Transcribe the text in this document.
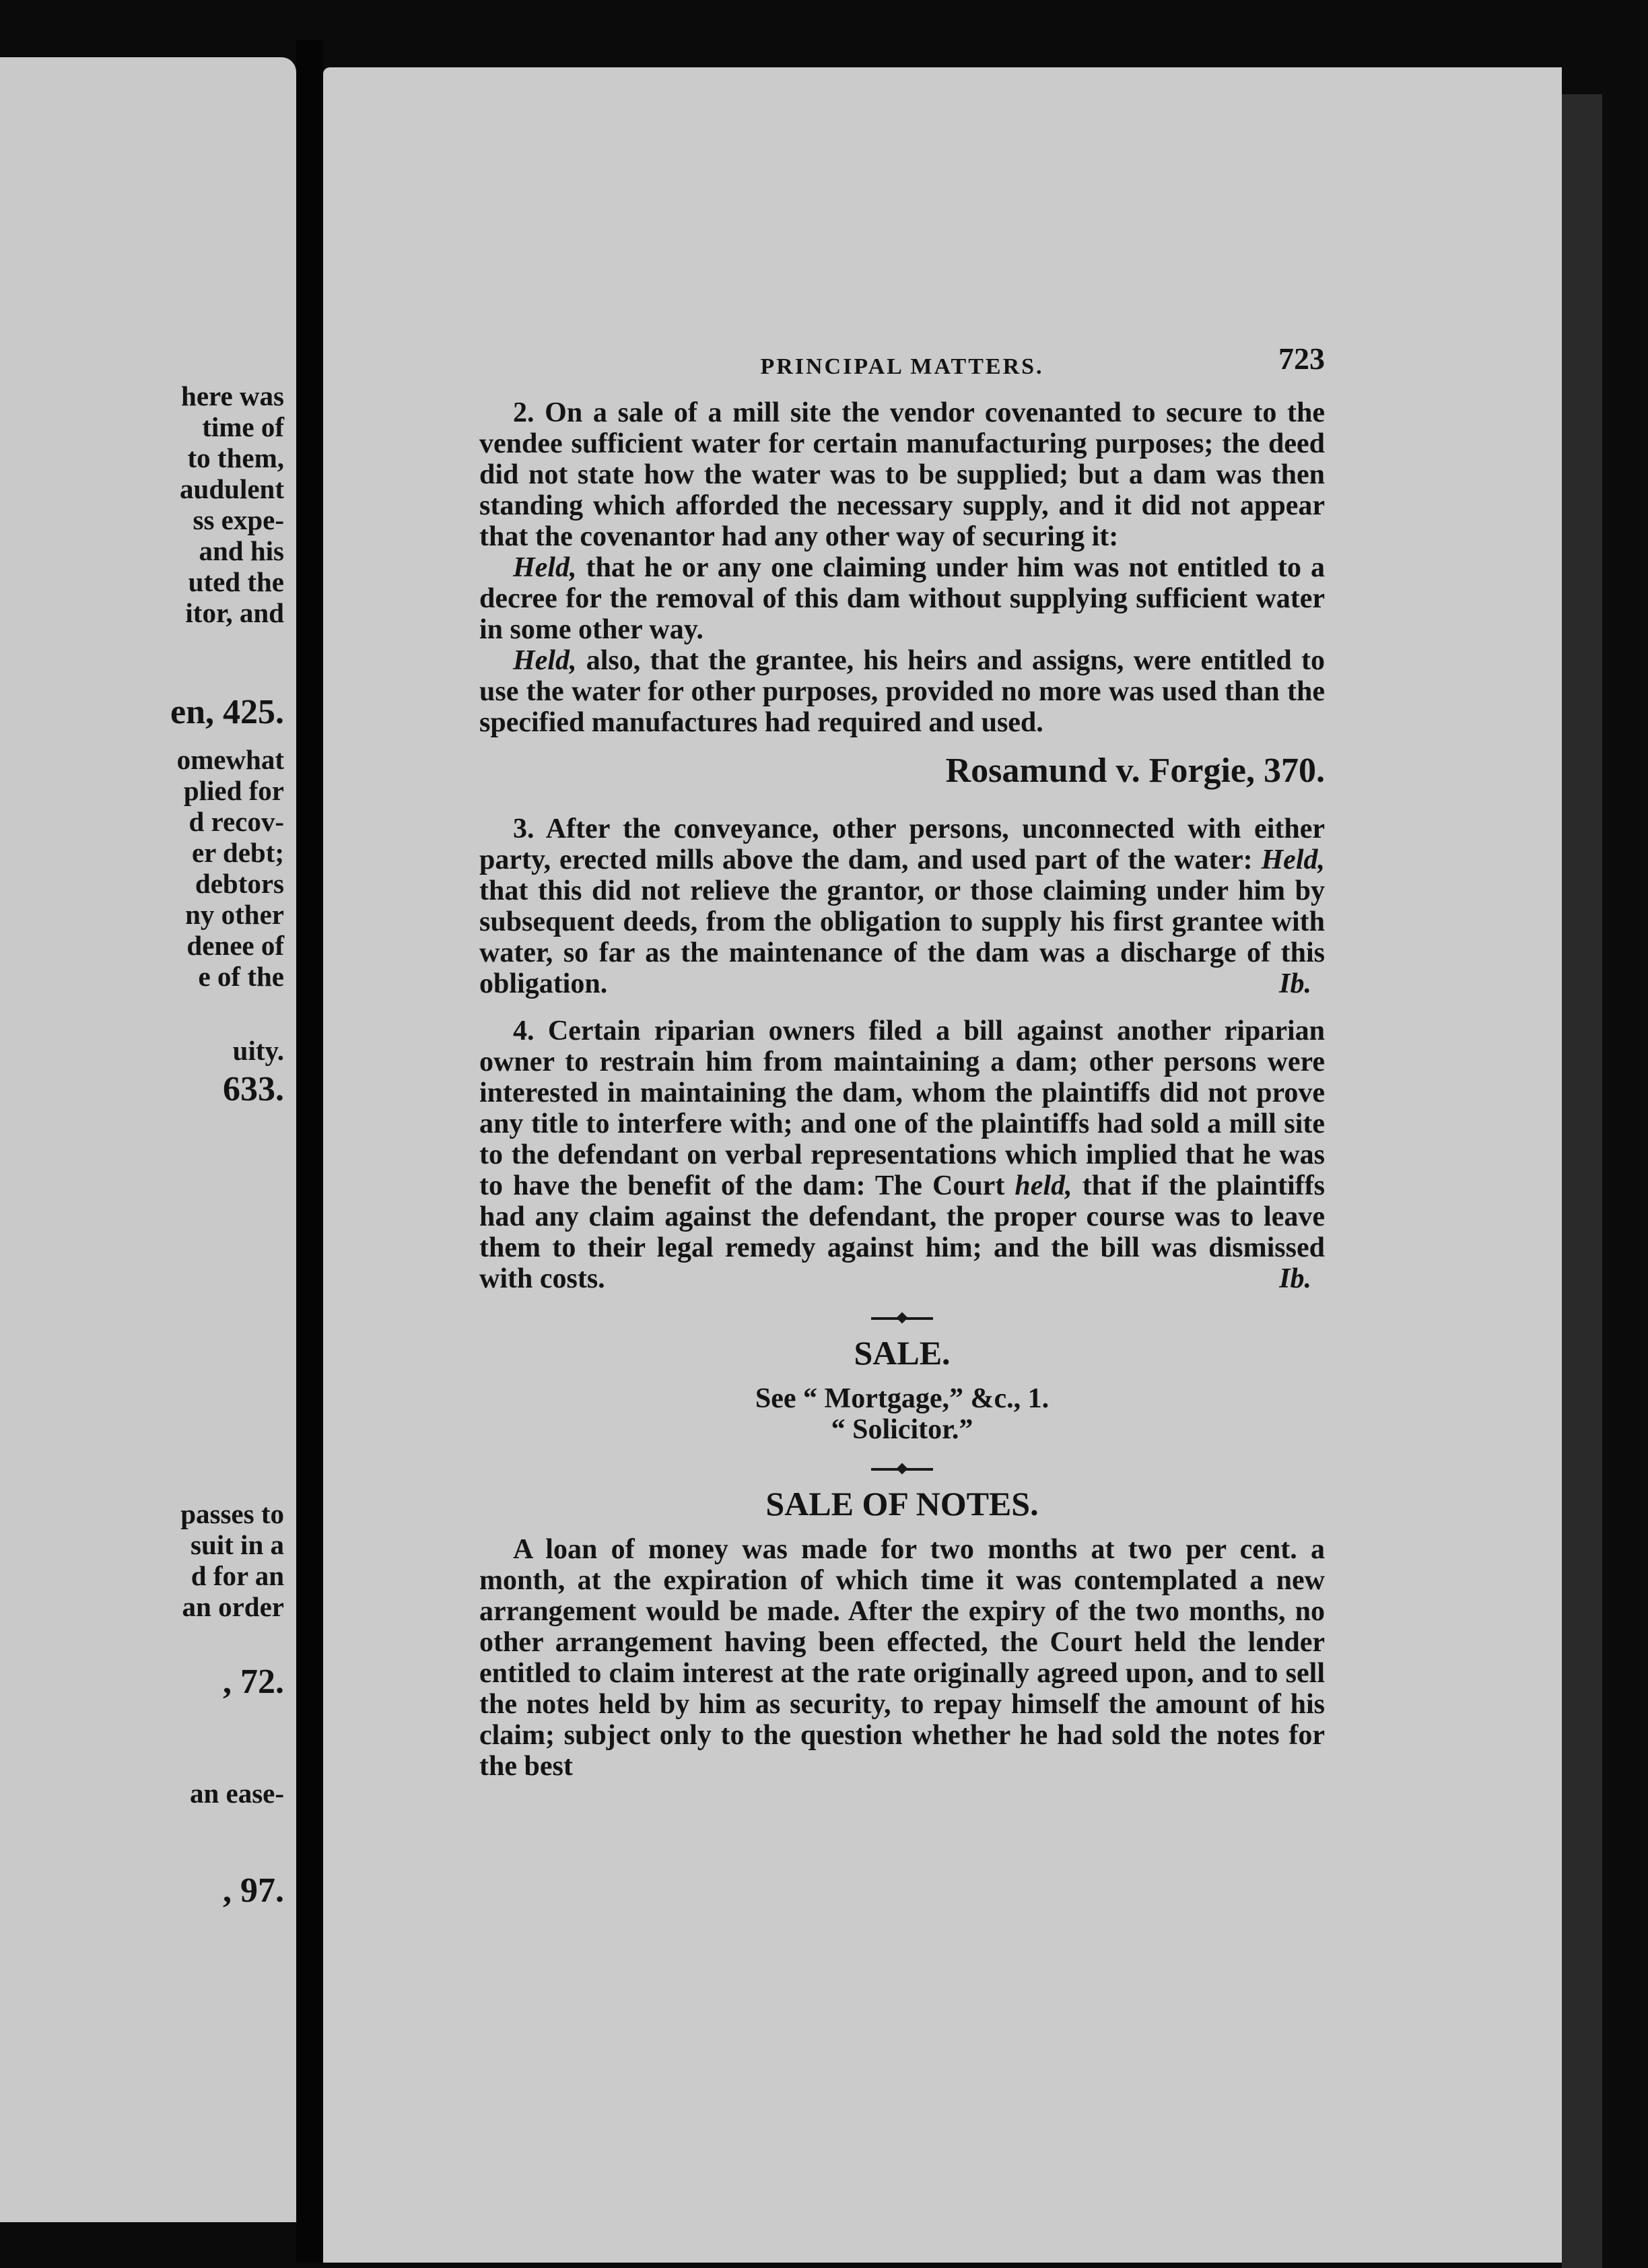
here was

time of

to them,

audulent

ss expe-

and his

uted the

itor, and

en, 425.

omewhat

plied for

d recov-

er debt;

debtors

ny other

denee of

e of the

uity.

633.

passes to

suit in a

d for an

an order

, 72.

an ease-

, 97.

PRINCIPAL MATTERS.	723

2. On a sale of a mill site the vendor covenanted to secure to the vendee sufficient water for certain manufacturing purposes; the deed did not state how the water was to be supplied; but a dam was then standing which afforded the necessary supply, and it did not appear that the covenantor had any other way of securing it:

Held, that he or any one claiming under him was not entitled to a decree for the removal of this dam without supplying sufficient water in some other way.

Held, also, that the grantee, his heirs and assigns, were entitled to use the water for other purposes, provided no more was used than the specified manufactures had required and used.

Rosamund v. Forgie, 370.

3. After the conveyance, other persons, unconnected with either party, erected mills above the dam, and used part of the water: Held, that this did not relieve the grantor, or those claiming under him by subsequent deeds, from the obligation to supply his first grantee with water, so far as the maintenance of the dam was a discharge of this obligation.	Ib.

4. Certain riparian owners filed a bill against another riparian owner to restrain him from maintaining a dam; other persons were interested in maintaining the dam, whom the plaintiffs did not prove any title to interfere with; and one of the plaintiffs had sold a mill site to the defendant on verbal representations which implied that he was to have the benefit of the dam: The Court held, that if the plaintiffs had any claim against the defendant, the proper course was to leave them to their legal remedy against him; and the bill was dismissed with costs.	Ib.

SALE.

See “ Mortgage,” &c., 1.

“ Solicitor.”

SALE OF NOTES.

A loan of money was made for two months at two per cent. a month, at the expiration of which time it was contemplated a new arrangement would be made. After the expiry of the two months, no other arrangement having been effected, the Court held the lender entitled to claim interest at the rate originally agreed upon, and to sell the notes held by him as security, to repay himself the amount of his claim; subject only to the question whether he had sold the notes for the best
